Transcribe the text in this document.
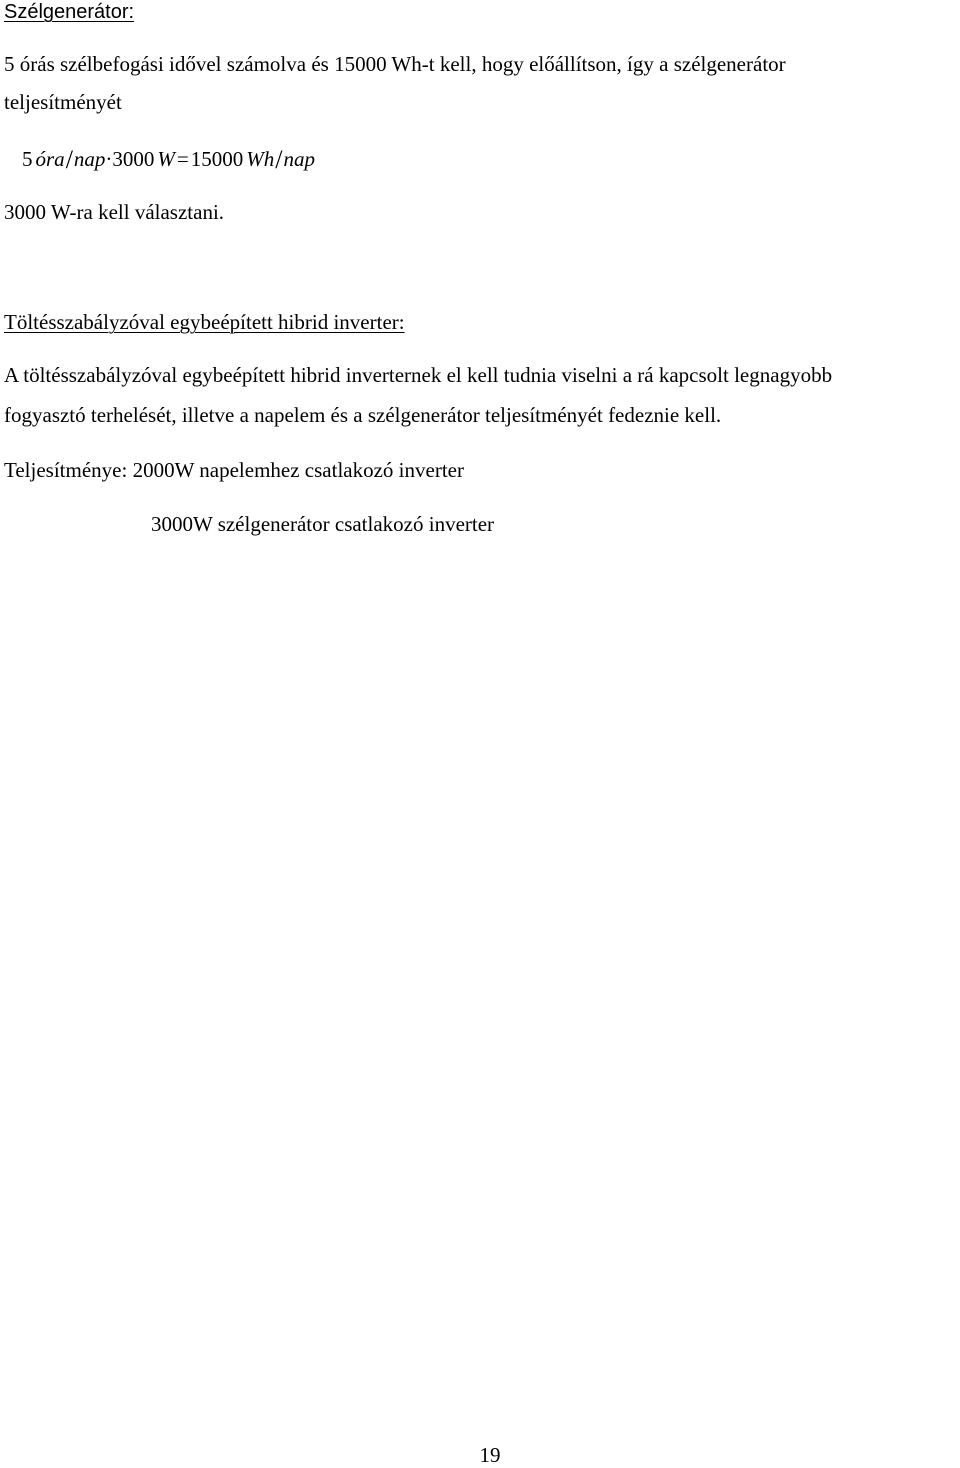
Szélgenerátor:
5 órás szélbefogási idővel számolva és 15000 Wh-t kell, hogy előállítson, így a szélgenerátor
teljesítményét
5 óra/nap·3000 W=15000 Wh/nap
3000 W-ra kell választani.
Töltésszabályzóval egybeépített hibrid inverter:
A töltésszabályzóval egybeépített hibrid inverternek el kell tudnia viselni a rá kapcsolt legnagyobb
fogyasztó terhelését, illetve a napelem és a szélgenerátor teljesítményét fedeznie kell.
Teljesítménye: 2000W napelemhez csatlakozó inverter
3000W szélgenerátor csatlakozó inverter
19
